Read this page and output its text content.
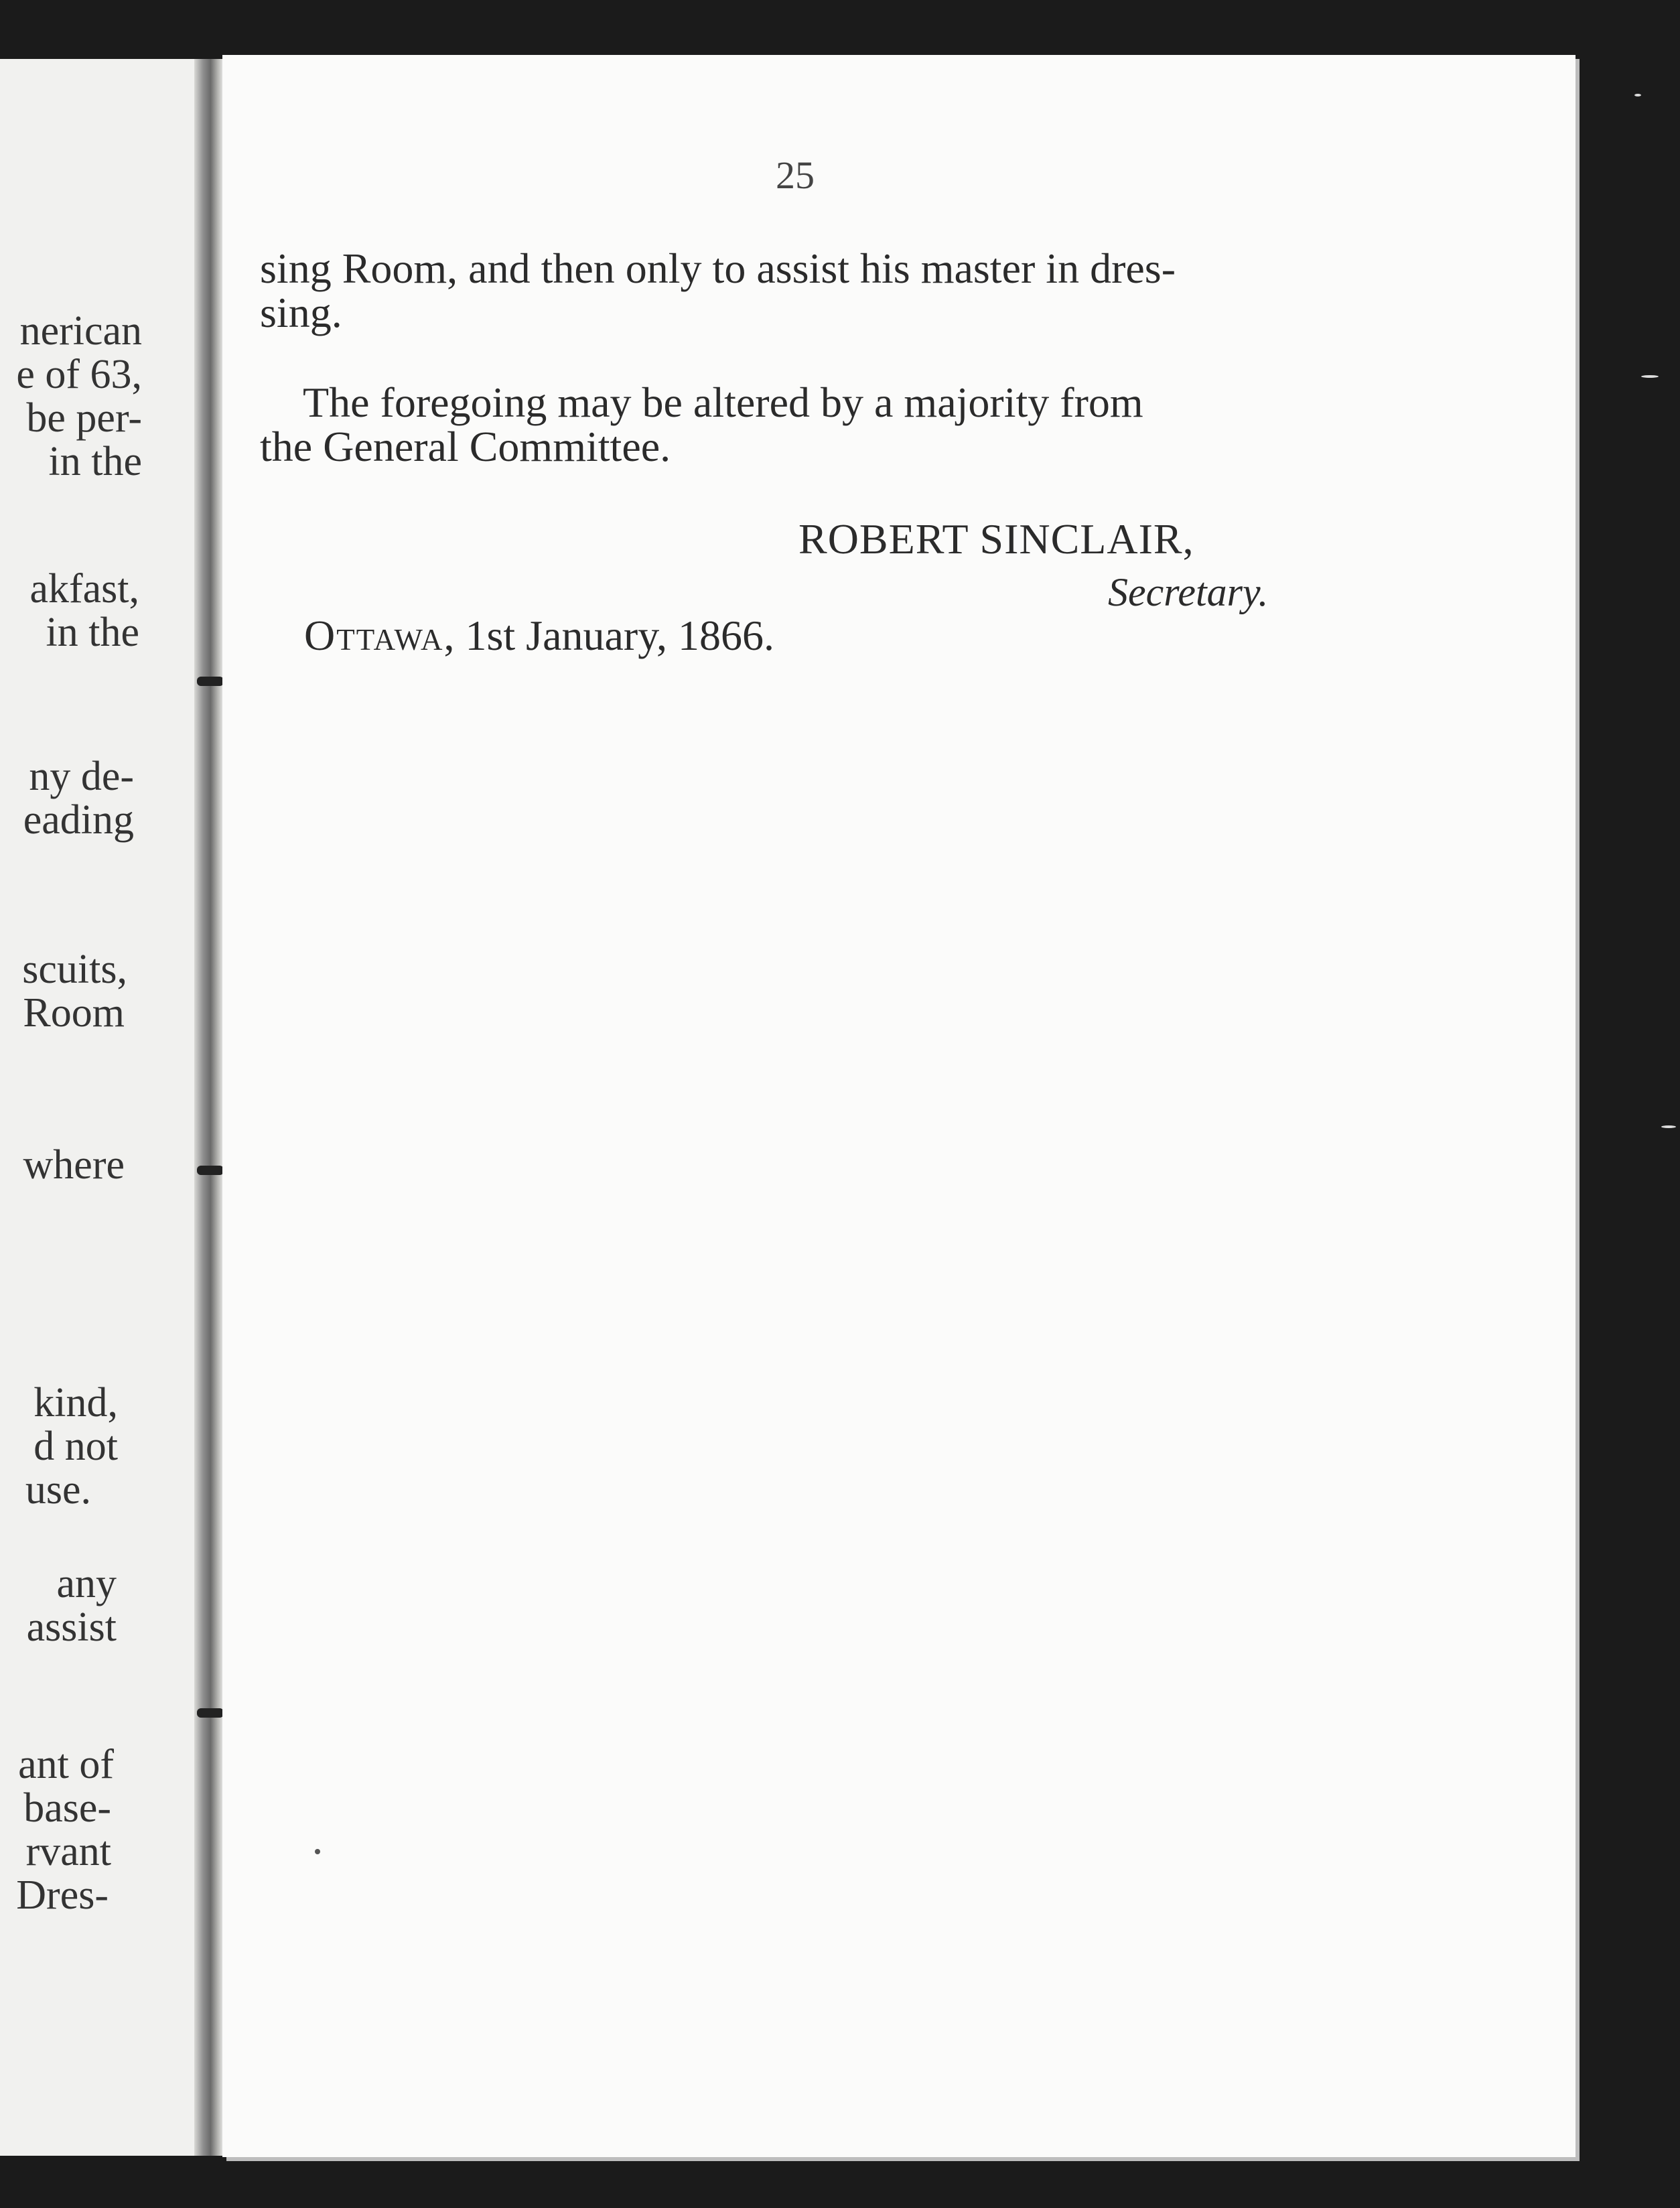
nerican
e of 63,
be per-
in the
akfast,
in the
ny de-
eading
scuits,
Room
where
kind,
d not
use.
any
assist
ant of
base-
rvant
Dres-
25
sing Room, and then only to assist his master in dres-
sing.
The foregoing may be altered by a majority from
the General Committee.
ROBERT SINCLAIR,
Secretary.
Ottawa, 1st January, 1866.
